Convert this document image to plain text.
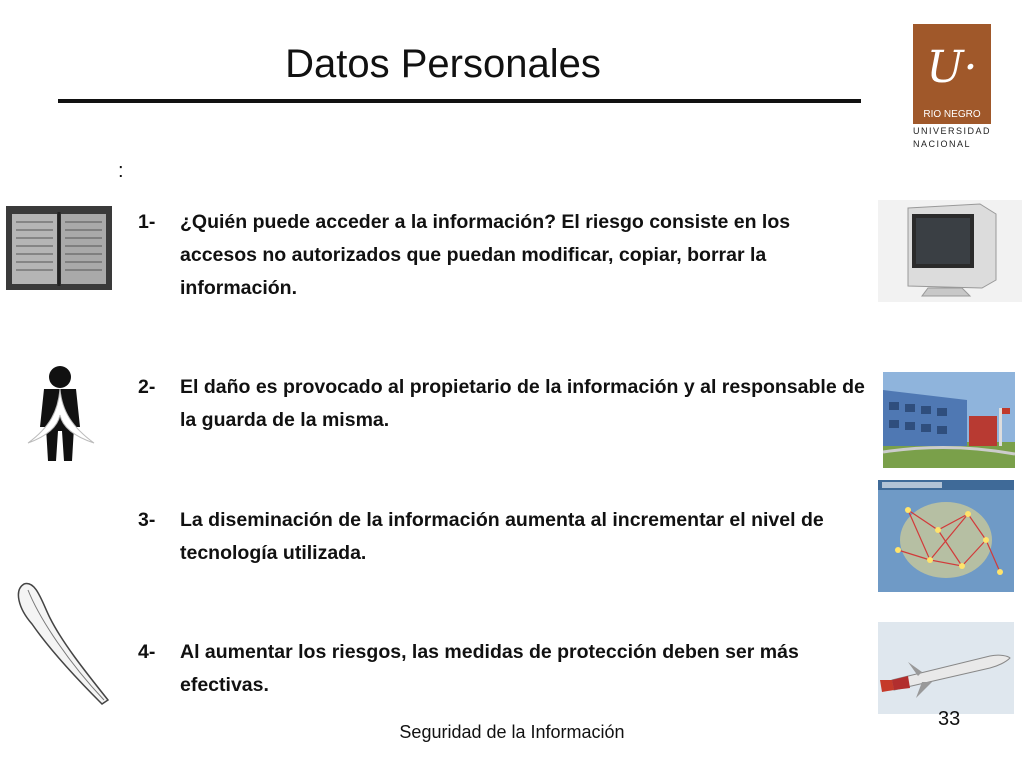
Datos Personales
:
U·
RIO NEGRO
UNIVERSIDAD
NACIONAL
1-	¿Quién puede acceder a la información? El riesgo consiste en los accesos no autorizados que puedan modificar, copiar, borrar la información.
2-	El daño es provocado al propietario de la información y al responsable de la guarda de la misma.
3-	La diseminación de la información aumenta al incrementar el nivel de tecnología utilizada.
4-	Al aumentar los riesgos, las medidas de protección deben ser más efectivas.
33
Seguridad de la Información
